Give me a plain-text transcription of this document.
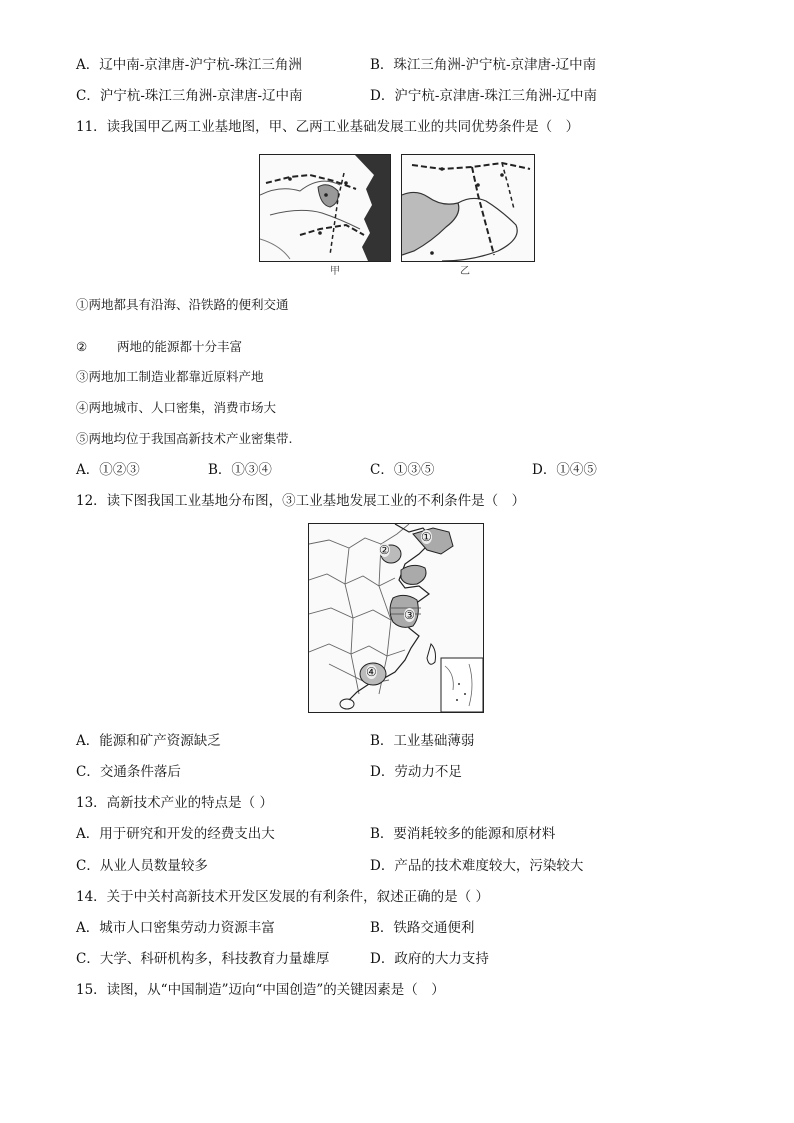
A．辽中南-京津唐-沪宁杭-珠江三角洲	B．珠江三角洲-沪宁杭-京津唐-辽中南
C．沪宁杭-珠江三角洲-京津唐-辽中南	D．沪宁杭-京津唐-珠江三角洲-辽中南
11．读我国甲乙两工业基地图，甲、乙两工业基础发展工业的共同优势条件是（　）
甲	乙
①两地都具有沿海、沿铁路的便利交通
② 两地的能源都十分丰富
③两地加工制造业都靠近原料产地
④两地城市、人口密集，消费市场大
⑤两地均位于我国高新技术产业密集带.
A．①②③	B．①③④	C．①③⑤	D．①④⑤
12．读下图我国工业基地分布图，③工业基地发展工业的不利条件是（　）
①
②
③
④
A．能源和矿产资源缺乏	B．工业基础薄弱
C．交通条件落后	D．劳动力不足
13．高新技术产业的特点是（ ）
A．用于研究和开发的经费支出大	B．要消耗较多的能源和原材料
C．从业人员数量较多	D．产品的技术难度较大，污染较大
14．关于中关村高新技术开发区发展的有利条件，叙述正确的是（ ）
A．城市人口密集劳动力资源丰富	B．铁路交通便利
C．大学、科研机构多，科技教育力量雄厚	D．政府的大力支持
15．读图，从“中国制造”迈向“中国创造”的关键因素是（　）
